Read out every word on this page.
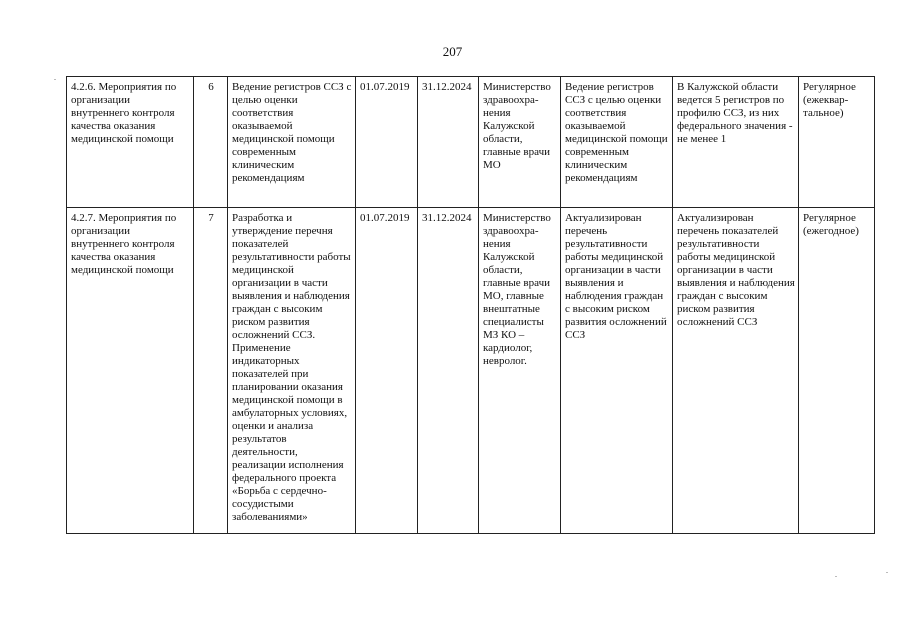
207
4.2.6. Мероприятия по организации внутреннего контроля качества оказания медицинской помощи	6	Ведение регистров ССЗ с целью оценки соответствия оказываемой медицинской помощи современным клиническим рекомендациям	01.07.2019	31.12.2024	Министерство здравоохра-нения Калужской области, главные врачи МО	Ведение регистров ССЗ с целью оценки соответствия оказываемой медицинской помощи современным клиническим рекомендациям	В Калужской области ведется 5 регистров по профилю ССЗ, из них федерального значения - не менее 1	Регулярное (ежеквар-тальное)
4.2.7. Мероприятия по организации внутреннего контроля качества оказания медицинской помощи	7	Разработка и утверждение перечня показателей результативности работы медицинской организации в части выявления и наблюдения граждан с высоким риском развития осложнений ССЗ. Применение индикаторных показателей при планировании оказания медицинской помощи в амбулаторных условиях, оценки и анализа результатов деятельности, реализации исполнения федерального проекта «Борьба с сердечно-сосудистыми заболеваниями»	01.07.2019	31.12.2024	Министерство здравоохра-нения Калужской области, главные врачи МО, главные внештатные специалисты МЗ КО – кардиолог, невролог.	Актуализирован перечень результативности работы медицинской организации в части выявления и наблюдения граждан с высоким риском развития осложнений ССЗ	Актуализирован перечень показателей результативности работы медицинской организации в части выявления и наблюдения граждан с высоким риском развития осложнений ССЗ	Регулярное (ежегодное)
